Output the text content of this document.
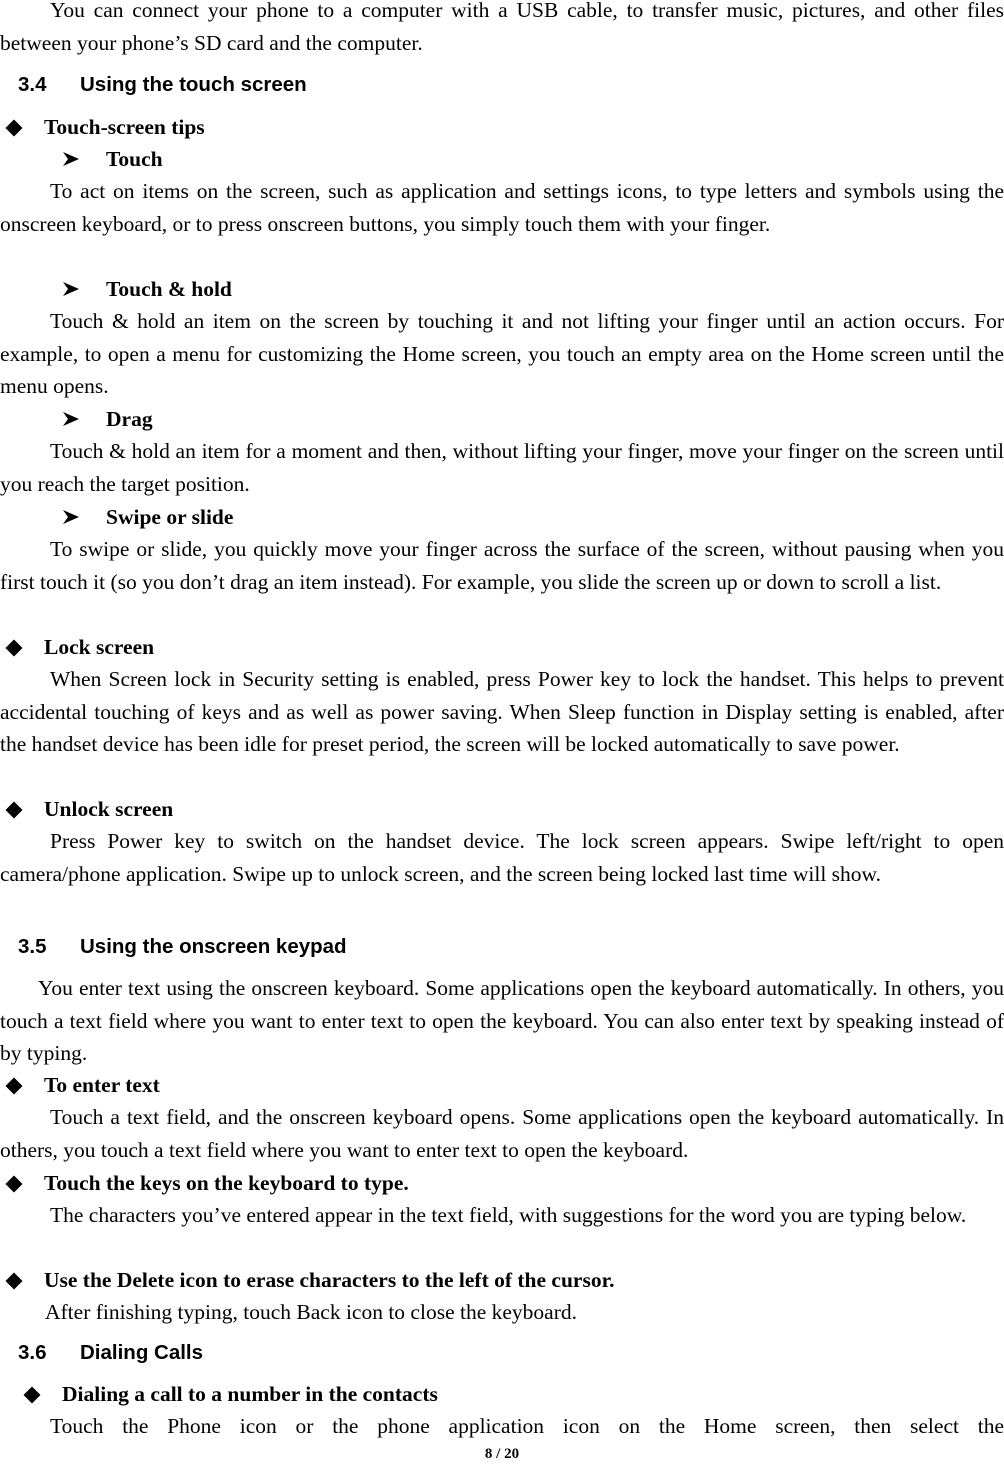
You can connect your phone to a computer with a USB cable, to transfer music, pictures, and other files between your phone’s SD card and the computer.

3.4 Using the touch screen
Touch-screen tips
Touch

To act on items on the screen, such as application and settings icons, to type letters and symbols using the onscreen keyboard, or to press onscreen buttons, you simply touch them with your finger.

Touch & hold

Touch & hold an item on the screen by touching it and not lifting your finger until an action occurs. For example, to open a menu for customizing the Home screen, you touch an empty area on the Home screen until the menu opens.

Drag

Touch & hold an item for a moment and then, without lifting your finger, move your finger on the screen until you reach the target position.

Swipe or slide

To swipe or slide, you quickly move your finger across the surface of the screen, without pausing when you first touch it (so you don’t drag an item instead). For example, you slide the screen up or down to scroll a list.

Lock screen

When Screen lock in Security setting is enabled, press Power key to lock the handset. This helps to prevent accidental touching of keys and as well as power saving. When Sleep function in Display setting is enabled, after the handset device has been idle for preset period, the screen will be locked automatically to save power.

Unlock screen

Press Power key to switch on the handset device. The lock screen appears. Swipe left/right to open camera/phone application. Swipe up to unlock screen, and the screen being locked last time will show.

3.5 Using the onscreen keypad

You enter text using the onscreen keyboard. Some applications open the keyboard automatically. In others, you touch a text field where you want to enter text to open the keyboard. You can also enter text by speaking instead of by typing.

To enter text

Touch a text field, and the onscreen keyboard opens. Some applications open the keyboard automatically. In others, you touch a text field where you want to enter text to open the keyboard.

Touch the keys on the keyboard to type.

The characters you’ve entered appear in the text field, with suggestions for the word you are typing below.

Use the Delete icon to erase characters to the left of the cursor.

After finishing typing, touch Back icon to close the keyboard.

3.6 Dialing Calls
Dialing a call to a number in the contacts

Touch the Phone icon or the phone application icon on the Home screen, then select the

8 / 20
